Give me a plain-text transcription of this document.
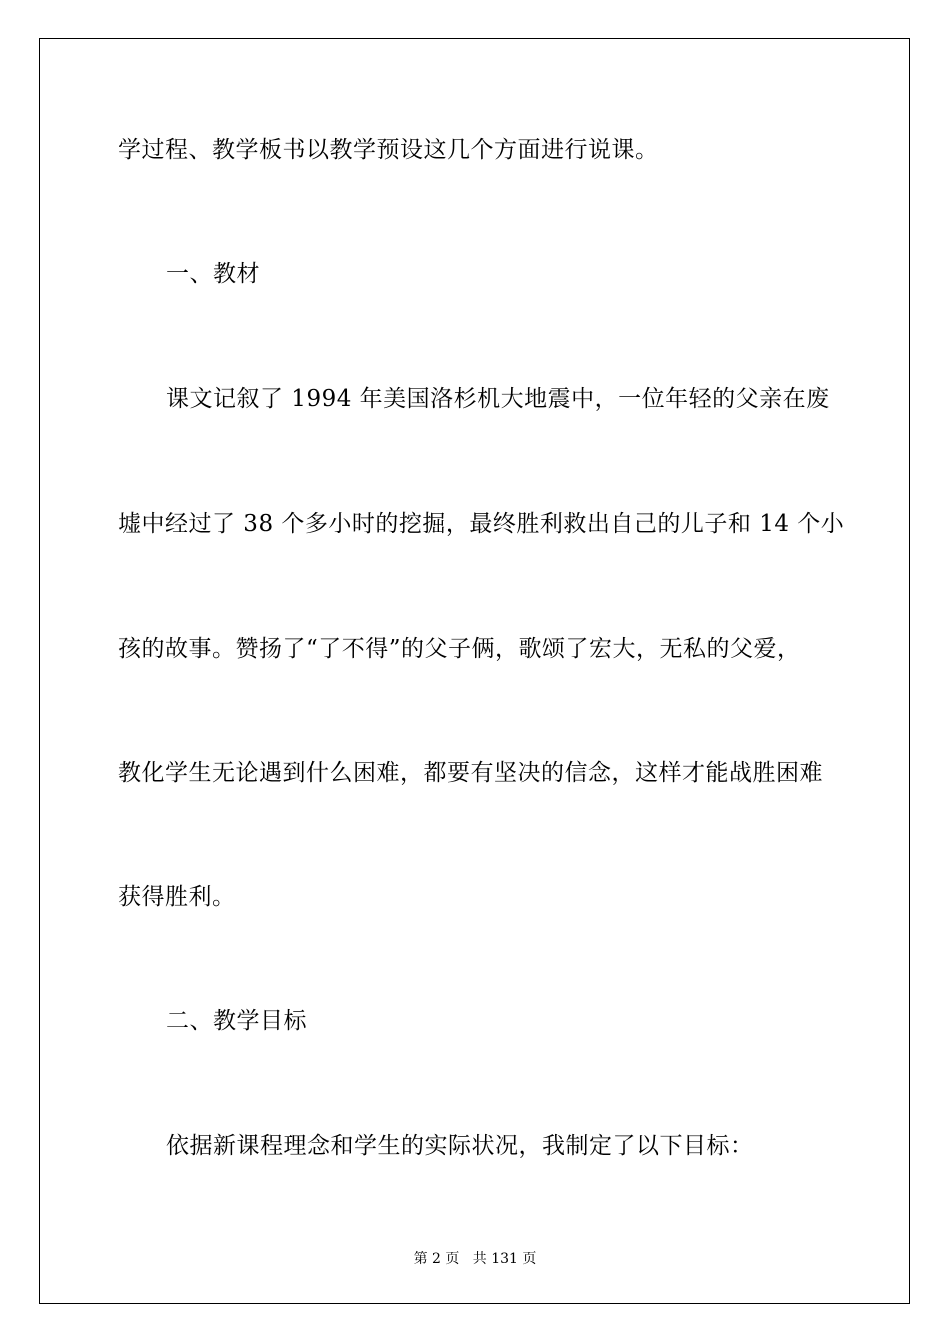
学过程、教学板书以教学预设这几个方面进行说课。
一、教材
课文记叙了 1994 年美国洛杉机大地震中，一位年轻的父亲在废
墟中经过了 38 个多小时的挖掘，最终胜利救出自己的儿子和 14 个小
孩的故事。赞扬了“了不得”的父子俩，歌颂了宏大，无私的父爱，
教化学生无论遇到什么困难，都要有坚决的信念，这样才能战胜困难
获得胜利。
二、教学目标
依据新课程理念和学生的实际状况，我制定了以下目标：
第 2 页   共 131 页
